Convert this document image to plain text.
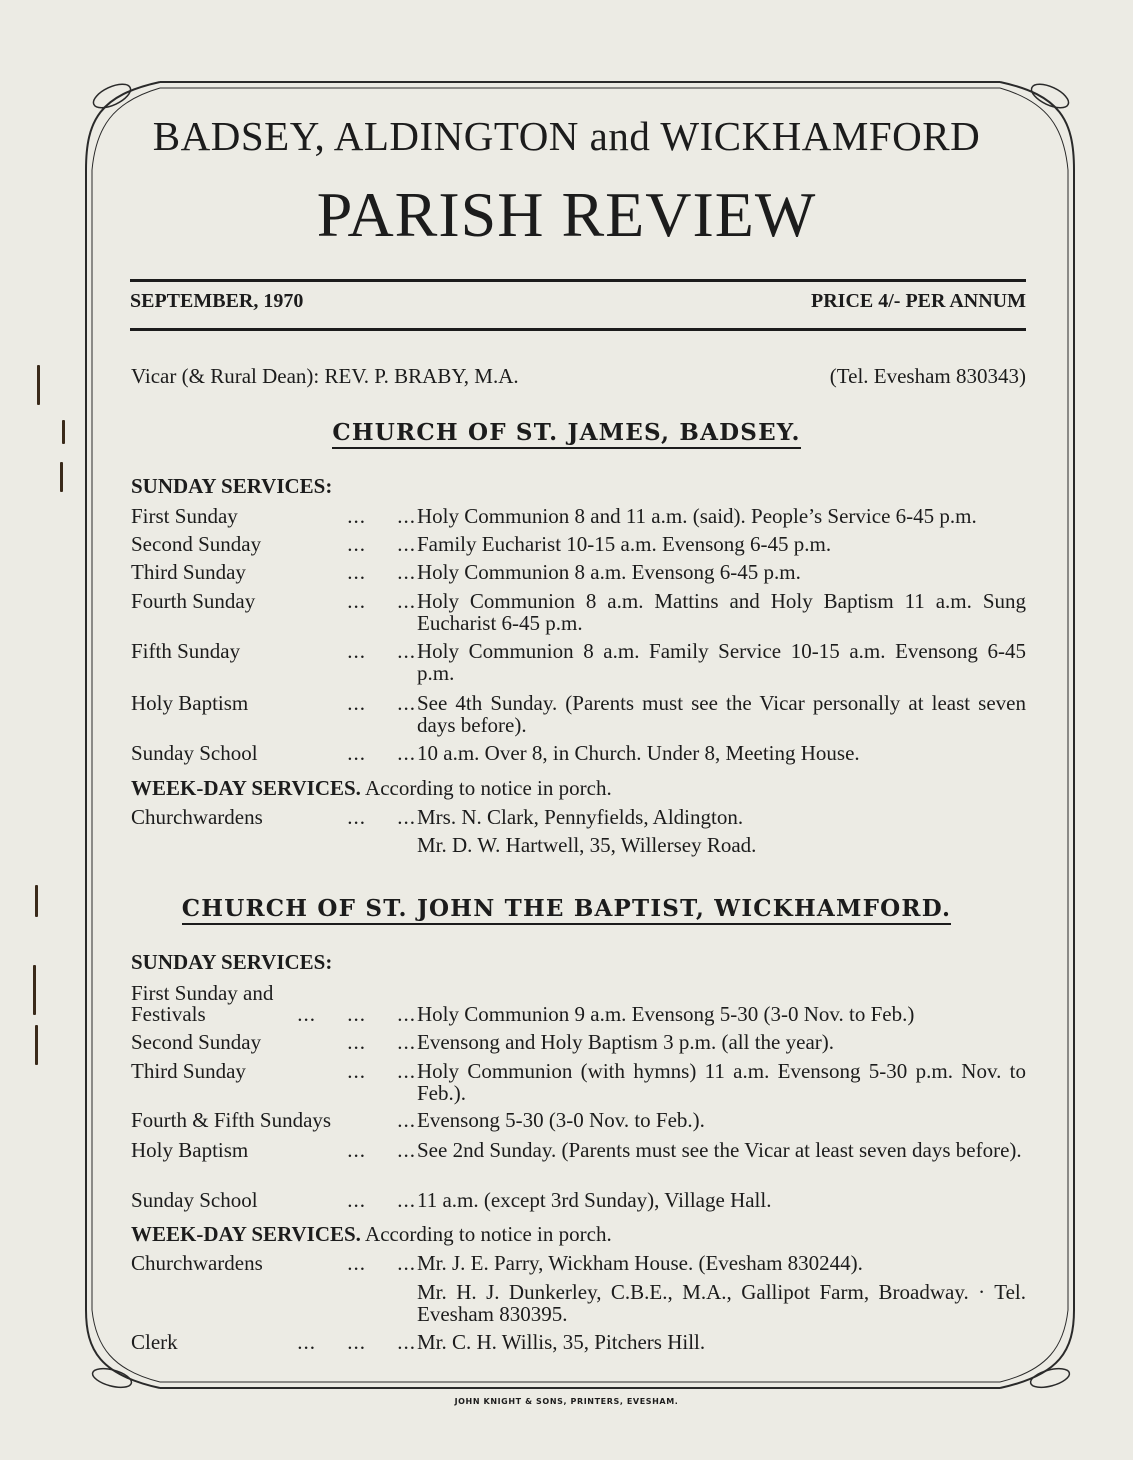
BADSEY, ALDINGTON and WICKHAMFORD
PARISH REVIEW
SEPTEMBER, 1970	PRICE 4/- PER ANNUM
Vicar (& Rural Dean): REV. P. BRABY, M.A.	(Tel. Evesham 830343)
CHURCH OF ST. JAMES, BADSEY.
SUNDAY SERVICES:
First Sunday	...     ... Holy Communion 8 and 11 a.m. (said). People’s Service 6-45 p.m.
Second Sunday	...     ... Family Eucharist 10-15 a.m. Evensong 6-45 p.m.
Third Sunday	...     ... Holy Communion 8 a.m. Evensong 6-45 p.m.
Fourth Sunday	...     ... Holy Communion 8 a.m. Mattins and Holy Baptism 11 a.m. Sung Eucharist 6-45 p.m.
Fifth Sunday	...     ... Holy Communion 8 a.m. Family Service 10-15 a.m. Evensong 6-45 p.m.
Holy Baptism	...     ... See 4th Sunday. (Parents must see the Vicar personally at least seven days before).
Sunday School	...     ... 10 a.m. Over 8, in Church. Under 8, Meeting House.
WEEK-DAY SERVICES. According to notice in porch.
Churchwardens	...     ... Mrs. N. Clark, Pennyfields, Aldington.
Mr. D. W. Hartwell, 35, Willersey Road.
CHURCH OF ST. JOHN THE BAPTIST, WICKHAMFORD.
SUNDAY SERVICES:
First Sunday and
Festivals	...     ...     ... Holy Communion 9 a.m. Evensong 5-30 (3-0 Nov. to Feb.)
Second Sunday	...     ... Evensong and Holy Baptism 3 p.m. (all the year).
Third Sunday	...     ... Holy Communion (with hymns) 11 a.m. Evensong 5-30 p.m. Nov. to Feb.).
Fourth & Fifth Sundays	... Evensong 5-30 (3-0 Nov. to Feb.).
Holy Baptism	...     ... See 2nd Sunday. (Parents must see the Vicar at least seven days before).
Sunday School	...     ... 11 a.m. (except 3rd Sunday), Village Hall.
WEEK-DAY SERVICES. According to notice in porch.
Churchwardens	...     ... Mr. J. E. Parry, Wickham House. (Evesham 830244).
Mr. H. J. Dunkerley, C.B.E., M.A., Gallipot Farm, Broadway. · Tel. Evesham 830395.
Clerk	...     ...     ... Mr. C. H. Willis, 35, Pitchers Hill.
JOHN KNIGHT & SONS, PRINTERS, EVESHAM.
